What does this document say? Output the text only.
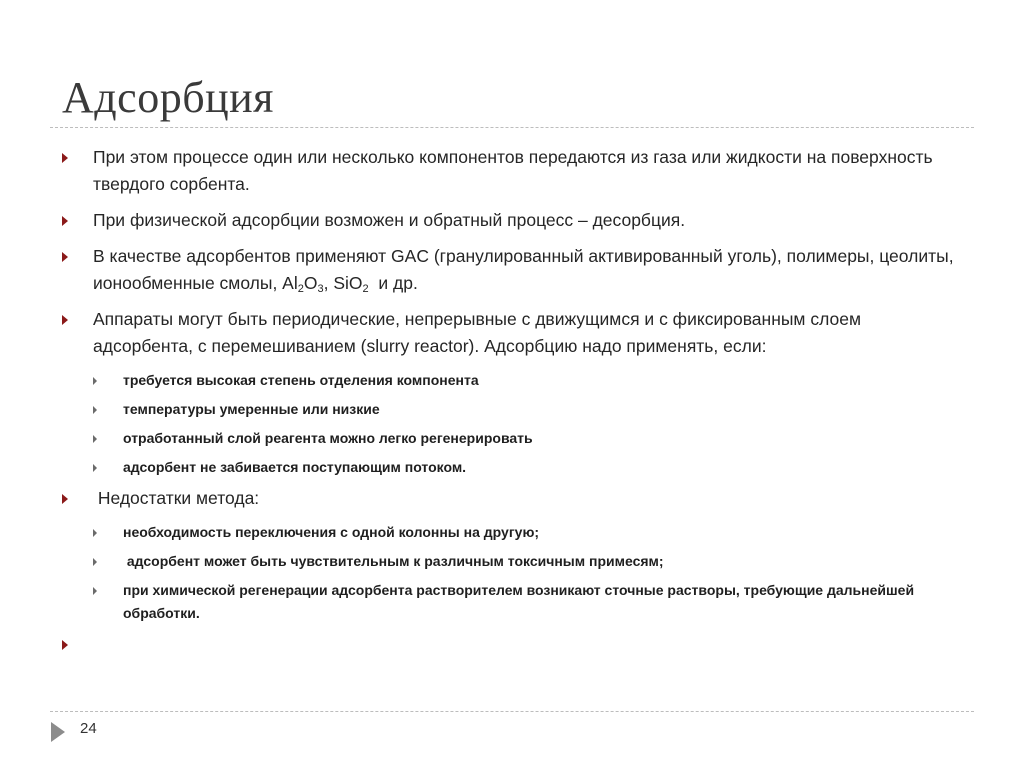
Адсорбция
При этом процессе один или несколько компонентов передаются из газа или жидкости на поверхность твердого сорбента.
При физической адсорбции возможен и обратный процесс – десорбция.
В качестве адсорбентов применяют GAC (гранулированный активированный уголь), полимеры, цеолиты, ионообменные смолы, $Al_2O_3$, SiO$_2$  и др.
Аппараты могут быть периодические, непрерывные с движущимся и с фиксированным слоем адсорбента, с перемешиванием (slurry reactor). Адсорбцию надо применять, если:
требуется высокая степень отделения компонента
температуры умеренные или низкие
отработанный слой реагента можно легко регенерировать
адсорбент не забивается поступающим потоком.
Недостатки метода:
необходимость переключения с одной колонны на другую;
адсорбент может быть чувствительным к различным токсичным примесям;
при химической регенерации адсорбента растворителем возникают сточные растворы, требующие дальнейшей обработки.
24
